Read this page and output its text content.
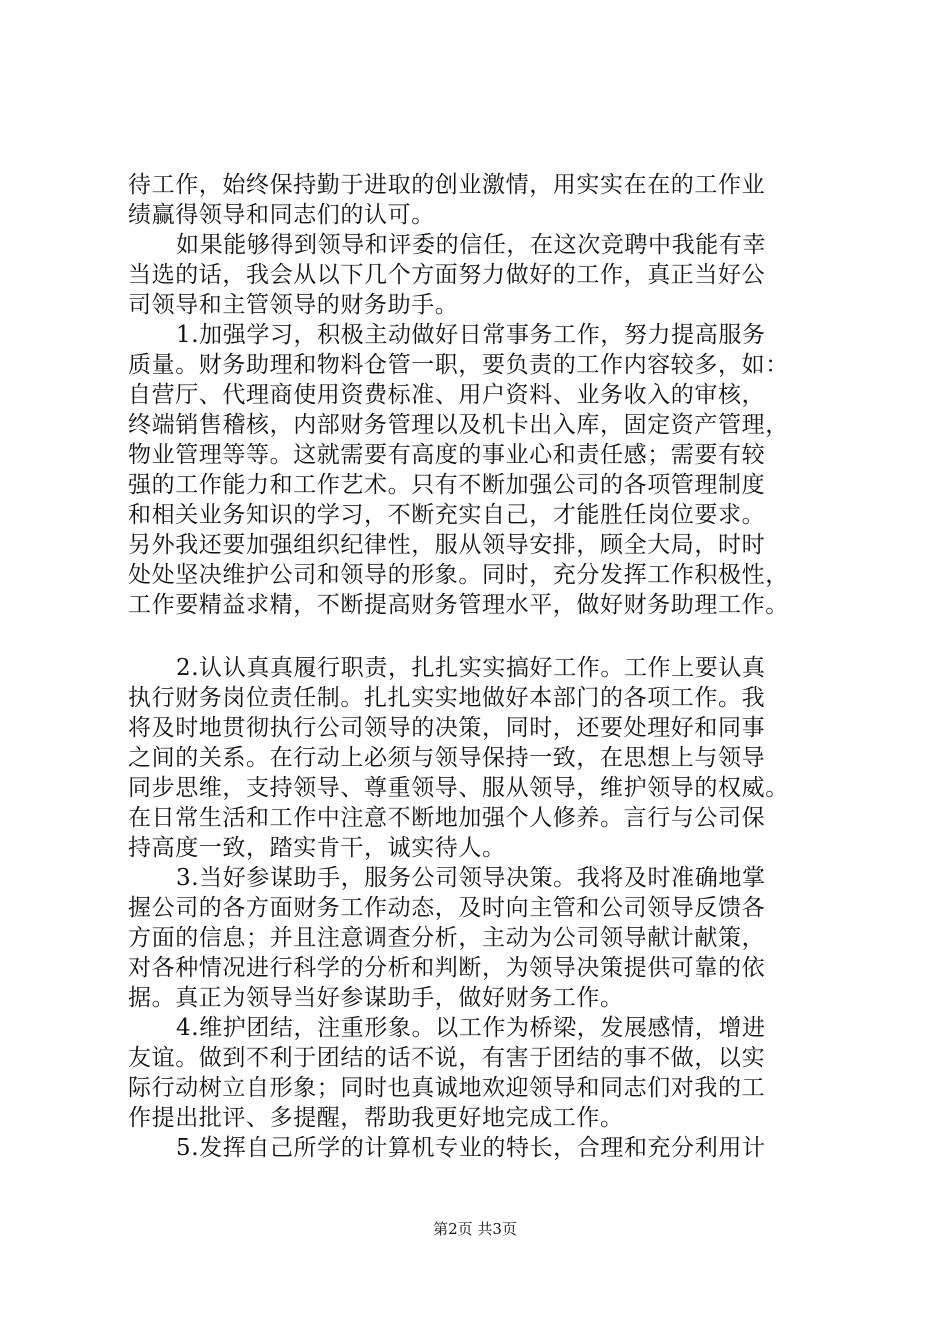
待工作，始终保持勤于进取的创业激情，用实实在在的工作业
绩赢得领导和同志们的认可。
如果能够得到领导和评委的信任，在这次竞聘中我能有幸
当选的话，我会从以下几个方面努力做好的工作，真正当好公
司领导和主管领导的财务助手。
1.加强学习，积极主动做好日常事务工作，努力提高服务
质量。财务助理和物料仓管一职，要负责的工作内容较多，如：
自营厅、代理商使用资费标准、用户资料、业务收入的审核，
终端销售稽核，内部财务管理以及机卡出入库，固定资产管理，
物业管理等等。这就需要有高度的事业心和责任感；需要有较
强的工作能力和工作艺术。只有不断加强公司的各项管理制度
和相关业务知识的学习，不断充实自己，才能胜任岗位要求。
另外我还要加强组织纪律性，服从领导安排，顾全大局，时时
处处坚决维护公司和领导的形象。同时，充分发挥工作积极性，
工作要精益求精，不断提高财务管理水平，做好财务助理工作。
2.认认真真履行职责，扎扎实实搞好工作。工作上要认真
执行财务岗位责任制。扎扎实实地做好本部门的各项工作。我
将及时地贯彻执行公司领导的决策，同时，还要处理好和同事
之间的关系。在行动上必须与领导保持一致，在思想上与领导
同步思维，支持领导、尊重领导、服从领导，维护领导的权威。
在日常生活和工作中注意不断地加强个人修养。言行与公司保
持高度一致，踏实肯干，诚实待人。
3.当好参谋助手，服务公司领导决策。我将及时准确地掌
握公司的各方面财务工作动态，及时向主管和公司领导反馈各
方面的信息；并且注意调查分析，主动为公司领导献计献策，
对各种情况进行科学的分析和判断，为领导决策提供可靠的依
据。真正为领导当好参谋助手，做好财务工作。
4.维护团结，注重形象。以工作为桥梁，发展感情，增进
友谊。做到不利于团结的话不说，有害于团结的事不做，以实
际行动树立自形象；同时也真诚地欢迎领导和同志们对我的工
作提出批评、多提醒，帮助我更好地完成工作。
5.发挥自己所学的计算机专业的特长，合理和充分利用计
第2页 共3页
